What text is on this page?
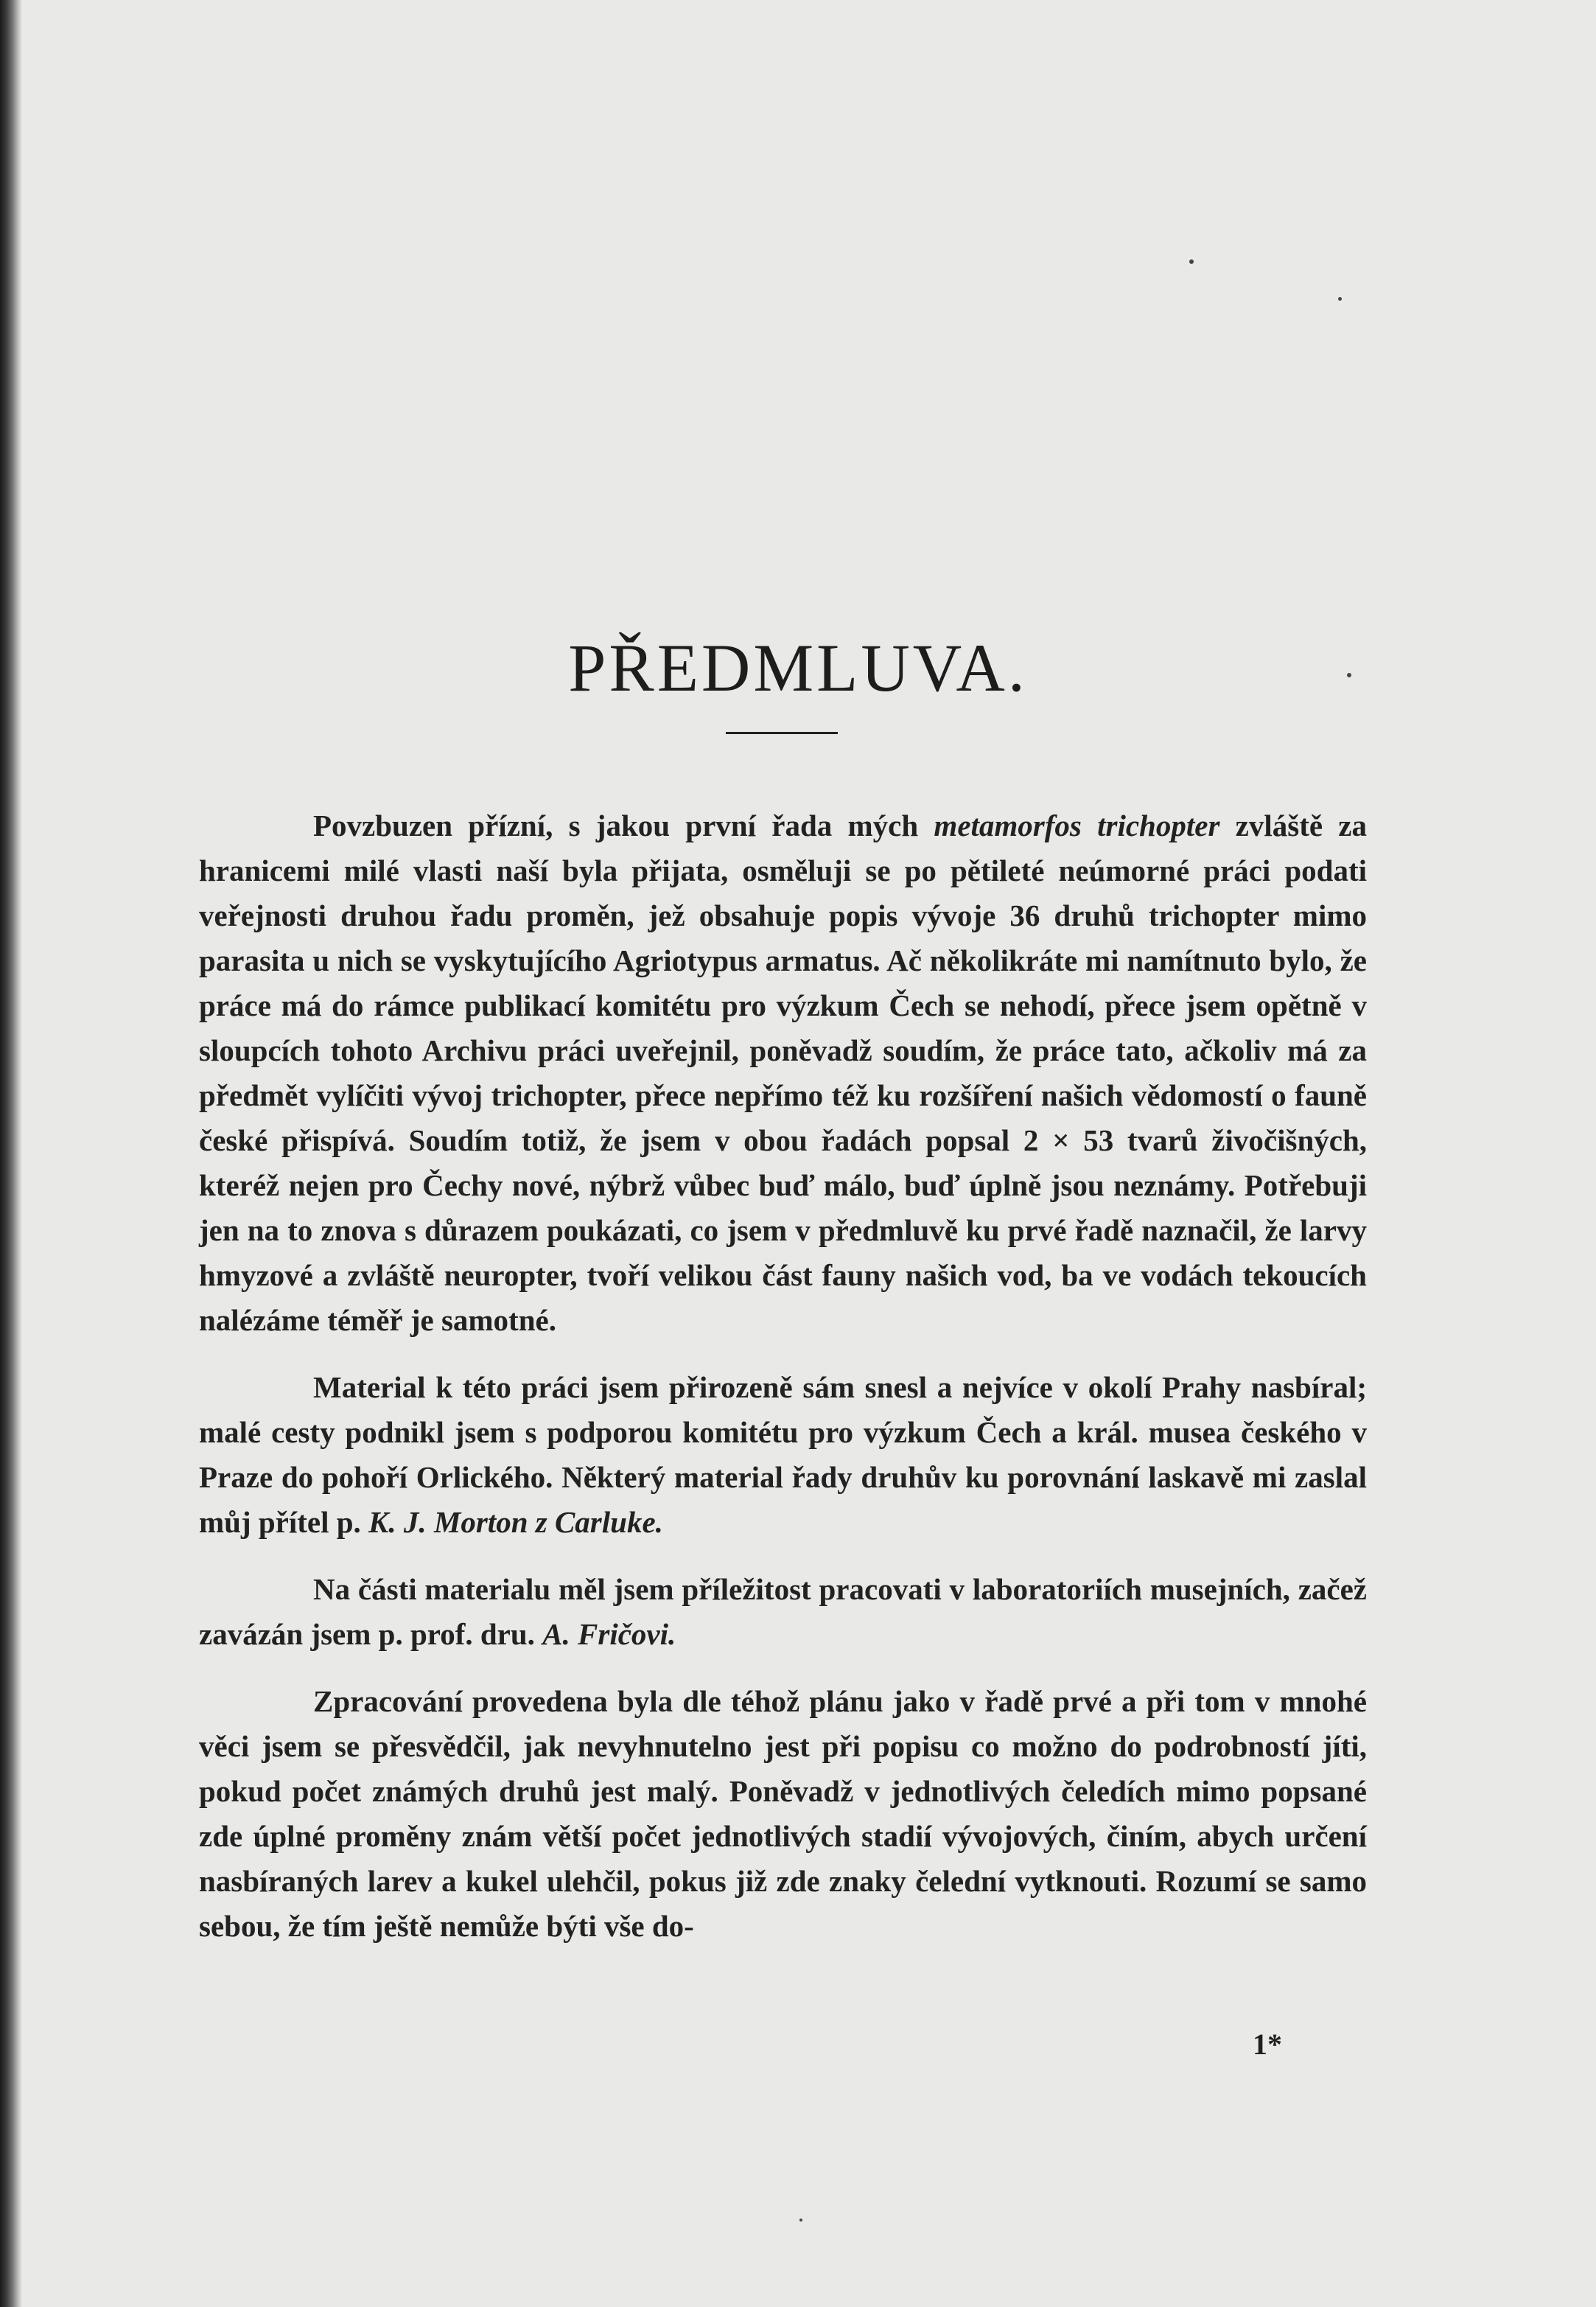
PŘEDMLUVA.

Povzbuzen přízní, s jakou první řada mých metamorfos trichopter zvláště za hranicemi milé vlasti naší byla přijata, osměluji se po pětileté neúmorné práci podati veřejnosti druhou řadu proměn, jež obsahuje popis vývoje 36 druhů trichopter mimo parasita u nich se vyskytujícího Agriotypus armatus. Ač několikráte mi namítnuto bylo, že práce má do rámce publikací komitétu pro výzkum Čech se nehodí, přece jsem opětně v sloupcích tohoto Archivu práci uveřejnil, poněvadž soudím, že práce tato, ačkoliv má za předmět vylíčiti vývoj trichopter, přece nepřímo též ku rozšíření našich vědomostí o fauně české přispívá. Soudím totiž, že jsem v obou řadách popsal 2 × 53 tvarů živočišných, kteréž nejen pro Čechy nové, nýbrž vůbec buď málo, buď úplně jsou neznámy. Potřebuji jen na to znova s důrazem poukázati, co jsem v předmluvě ku prvé řadě naznačil, že larvy hmyzové a zvláště neuropter, tvoří velikou část fauny našich vod, ba ve vodách tekoucích nalézáme téměř je samotné.

Material k této práci jsem přirozeně sám snesl a nejvíce v okolí Prahy nasbíral; malé cesty podnikl jsem s podporou komitétu pro výzkum Čech a král. musea českého v Praze do pohoří Orlického. Některý material řady druhův ku porovnání laskavě mi zaslal můj přítel p. K. J. Morton z Carluke.

Na části materialu měl jsem příležitost pracovati v laboratoriích musejních, začež zavázán jsem p. prof. dru. A. Fričovi.

Zpracování provedena byla dle téhož plánu jako v řadě prvé a při tom v mnohé věci jsem se přesvědčil, jak nevyhnutelno jest při popisu co možno do podrobností jíti, pokud počet známých druhů jest malý. Poněvadž v jednotlivých čeledích mimo popsané zde úplné proměny znám větší počet jednotlivých stadií vývojových, činím, abych určení nasbíraných larev a kukel ulehčil, pokus již zde znaky čelední vytknouti. Rozumí se samo sebou, že tím ještě nemůže býti vše do-

1*
